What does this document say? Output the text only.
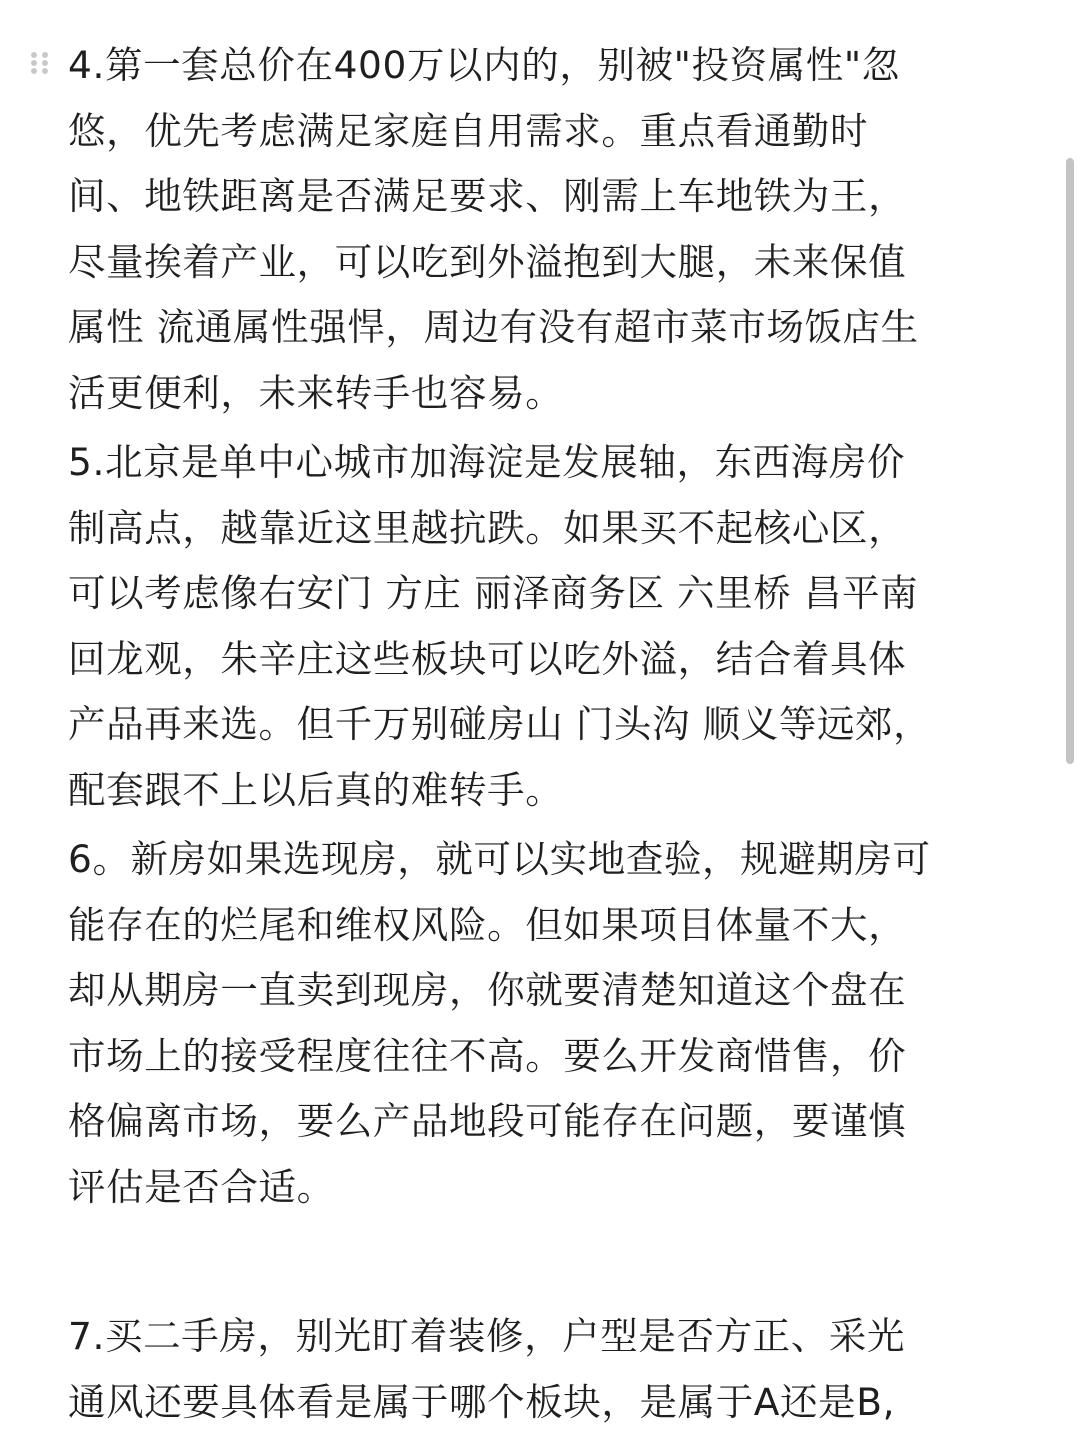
4.第一套总价在400万以内的，别被"投资属性"忽
悠，优先考虑满足家庭自用需求。重点看通勤时
间、地铁距离是否满足要求、刚需上车地铁为王，
尽量挨着产业，可以吃到外溢抱到大腿，未来保值
属性 流通属性强悍，周边有没有超市菜市场饭店生
活更便利，未来转手也容易。

5.北京是单中心城市加海淀是发展轴，东西海房价
制高点，越靠近这里越抗跌。如果买不起核心区，
可以考虑像右安门 方庄 丽泽商务区 六里桥 昌平南
回龙观，朱辛庄这些板块可以吃外溢，结合着具体
产品再来选。但千万别碰房山 门头沟 顺义等远郊，
配套跟不上以后真的难转手。

6。新房如果选现房，就可以实地查验，规避期房可
能存在的烂尾和维权风险。但如果项目体量不大，
却从期房一直卖到现房，你就要清楚知道这个盘在
市场上的接受程度往往不高。要么开发商惜售，价
格偏离市场，要么产品地段可能存在问题，要谨慎
评估是否合适。

7.买二手房，别光盯着装修，户型是否方正、采光
通风还要具体看是属于哪个板块，是属于A还是B,
